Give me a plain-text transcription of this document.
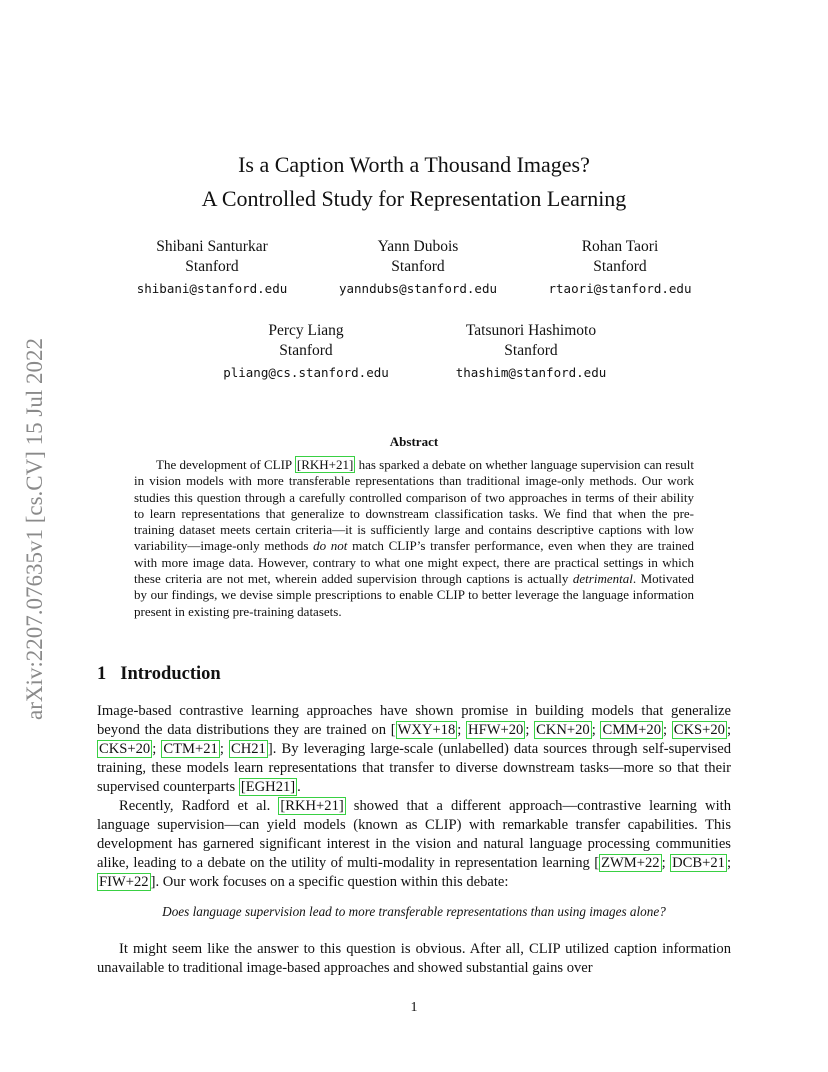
arXiv:2207.07635v1 [cs.CV] 15 Jul 2022
Is a Caption Worth a Thousand Images?
A Controlled Study for Representation Learning
Shibani Santurkar
Stanford
shibani@stanford.edu
Yann Dubois
Stanford
yanndubs@stanford.edu
Rohan Taori
Stanford
rtaori@stanford.edu
Percy Liang
Stanford
pliang@cs.stanford.edu
Tatsunori Hashimoto
Stanford
thashim@stanford.edu
Abstract

The development of CLIP [RKH+21] has sparked a debate on whether language supervision can result in vision models with more transferable representations than traditional image-only methods. Our work studies this question through a carefully controlled comparison of two approaches in terms of their ability to learn representations that generalize to downstream classification tasks. We find that when the pre-training dataset meets certain criteria—it is sufficiently large and contains descriptive captions with low variability—image-only methods do not match CLIP’s transfer performance, even when they are trained with more image data. However, contrary to what one might expect, there are practical settings in which these criteria are not met, wherein added supervision through captions is actually detrimental. Motivated by our findings, we devise simple prescriptions to enable CLIP to better leverage the language information present in existing pre-training datasets.

1 Introduction

Image-based contrastive learning approaches have shown promise in building models that generalize beyond the data distributions they are trained on [ WXY+18 ; HFW+20 ; CKN+20 ; CMM+20 ; CKS+20 ; CKS+20 ; CTM+21 ; CH21 ]. By leveraging large-scale (unlabelled) data sources through self-supervised training, these models learn representations that transfer to diverse downstream tasks—more so that their supervised counterparts [EGH21] .

Recently, Radford et al. [RKH+21] showed that a different approach—contrastive learning with language supervision—can yield models (known as CLIP) with remarkable transfer capabilities. This development has garnered significant interest in the vision and natural language processing communities alike, leading to a debate on the utility of multi-modality in representation learning [ ZWM+22 ; DCB+21 ; FIW+22 ]. Our work focuses on a specific question within this debate:

Does language supervision lead to more transferable representations than using images alone?

It might seem like the answer to this question is obvious. After all, CLIP utilized caption information unavailable to traditional image-based approaches and showed substantial gains over

1
